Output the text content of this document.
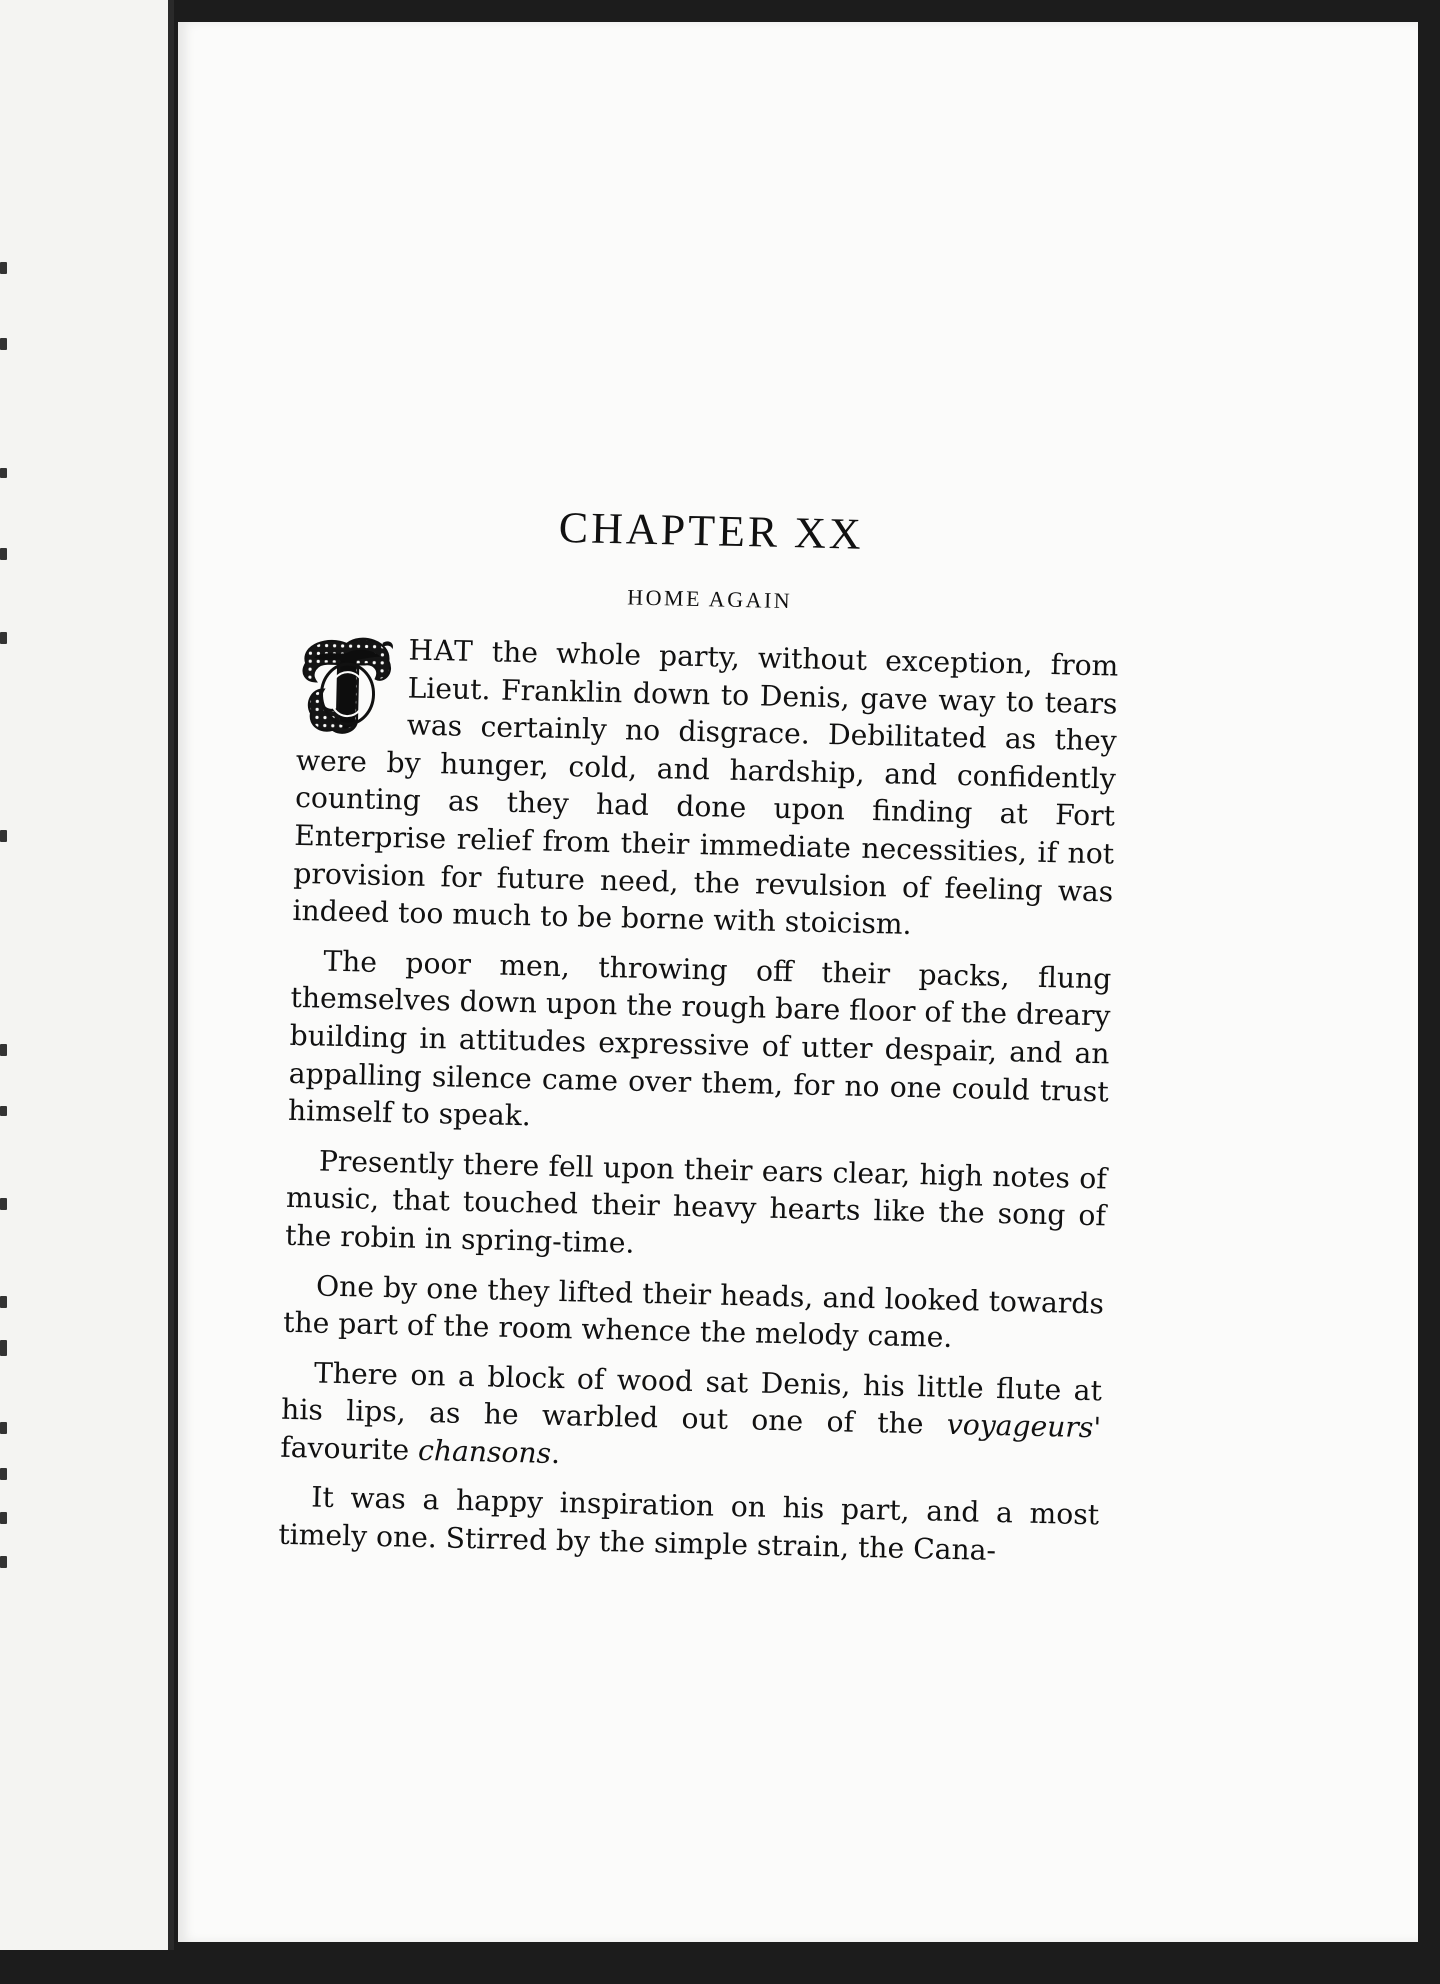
CHAPTER XX
HOME AGAIN

HAT the whole party, without exception, from Lieut. Franklin down to Denis, gave way to tears was certainly no disgrace. Debilitated as they were by hunger, cold, and hardship, and confidently counting as they had done upon finding at Fort Enterprise relief from their immediate necessities, if not provision for future need, the revulsion of feeling was indeed too much to be borne with stoicism.

The poor men, throwing off their packs, flung themselves down upon the rough bare floor of the dreary building in attitudes expressive of utter despair, and an appalling silence came over them, for no one could trust himself to speak.

Presently there fell upon their ears clear, high notes of music, that touched their heavy hearts like the song of the robin in spring-time.

One by one they lifted their heads, and looked towards the part of the room whence the melody came.

There on a block of wood sat Denis, his little flute at his lips, as he warbled out one of the voyageurs' favourite chansons.

It was a happy inspiration on his part, and a most timely one. Stirred by the simple strain, the Cana-
